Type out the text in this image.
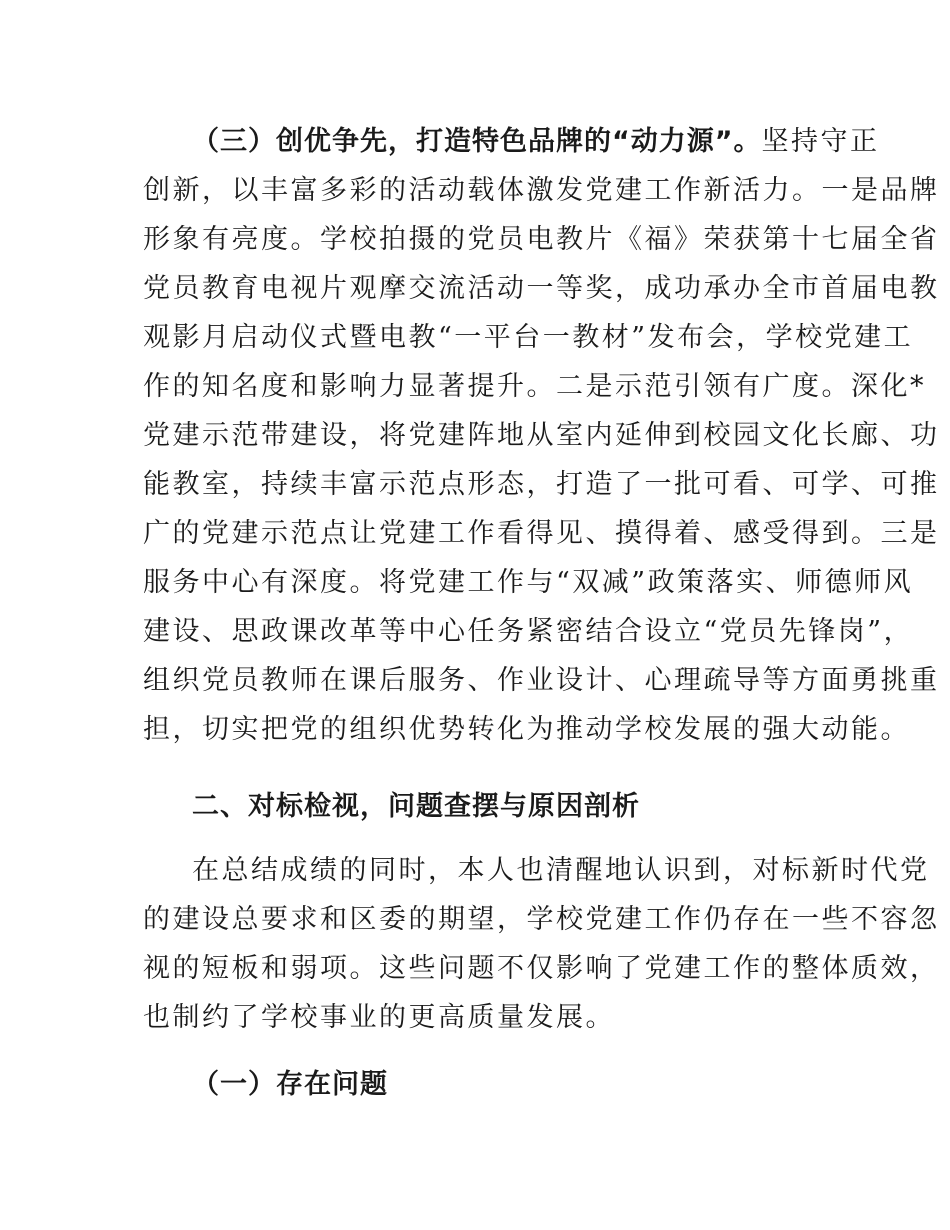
（三）创优争先，打造特色品牌的“动力源”。坚持守正
创新，以丰富多彩的活动载体激发党建工作新活力。一是品牌
形象有亮度。学校拍摄的党员电教片《福》荣获第十七届全省
党员教育电视片观摩交流活动一等奖，成功承办全市首届电教
观影月启动仪式暨电教“一平台一教材”发布会，学校党建工
作的知名度和影响力显著提升。二是示范引领有广度。深化*
党建示范带建设，将党建阵地从室内延伸到校园文化长廊、功
能教室，持续丰富示范点形态，打造了一批可看、可学、可推
广的党建示范点让党建工作看得见、摸得着、感受得到。三是
服务中心有深度。将党建工作与“双减”政策落实、师德师风
建设、思政课改革等中心任务紧密结合设立“党员先锋岗”，
组织党员教师在课后服务、作业设计、心理疏导等方面勇挑重
担，切实把党的组织优势转化为推动学校发展的强大动能。
二、对标检视，问题查摆与原因剖析
在总结成绩的同时，本人也清醒地认识到，对标新时代党
的建设总要求和区委的期望，学校党建工作仍存在一些不容忽
视的短板和弱项。这些问题不仅影响了党建工作的整体质效，
也制约了学校事业的更高质量发展。
（一）存在问题
